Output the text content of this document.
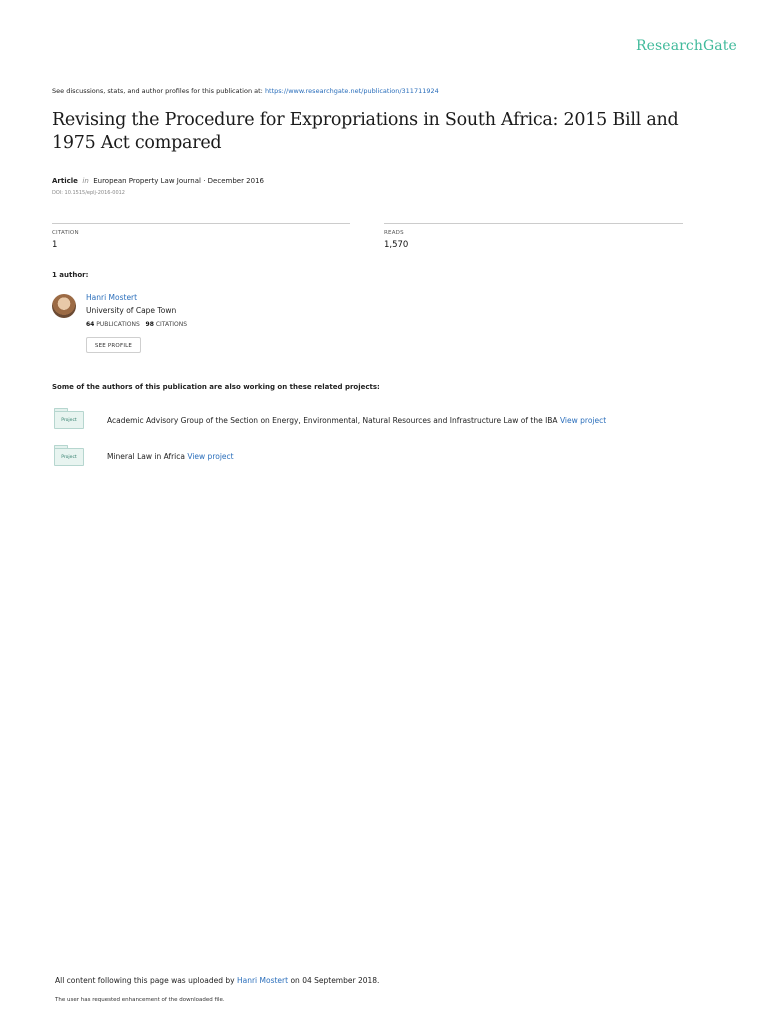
ResearchGate
See discussions, stats, and author profiles for this publication at: https://www.researchgate.net/publication/311711924
Revising the Procedure for Expropriations in South Africa: 2015 Bill and 1975 Act compared
Article in European Property Law Journal · December 2016
DOI: 10.1515/eplj-2016-0012
CITATION
1
READS
1,570
1 author:
Hanri Mostert
University of Cape Town
64 PUBLICATIONS 98 CITATIONS
SEE PROFILE
Some of the authors of this publication are also working on these related projects:
Project	Academic Advisory Group of the Section on Energy, Environmental, Natural Resources and Infrastructure Law of the IBA View project
Project	Mineral Law in Africa View project
All content following this page was uploaded by Hanri Mostert on 04 September 2018.
The user has requested enhancement of the downloaded file.
